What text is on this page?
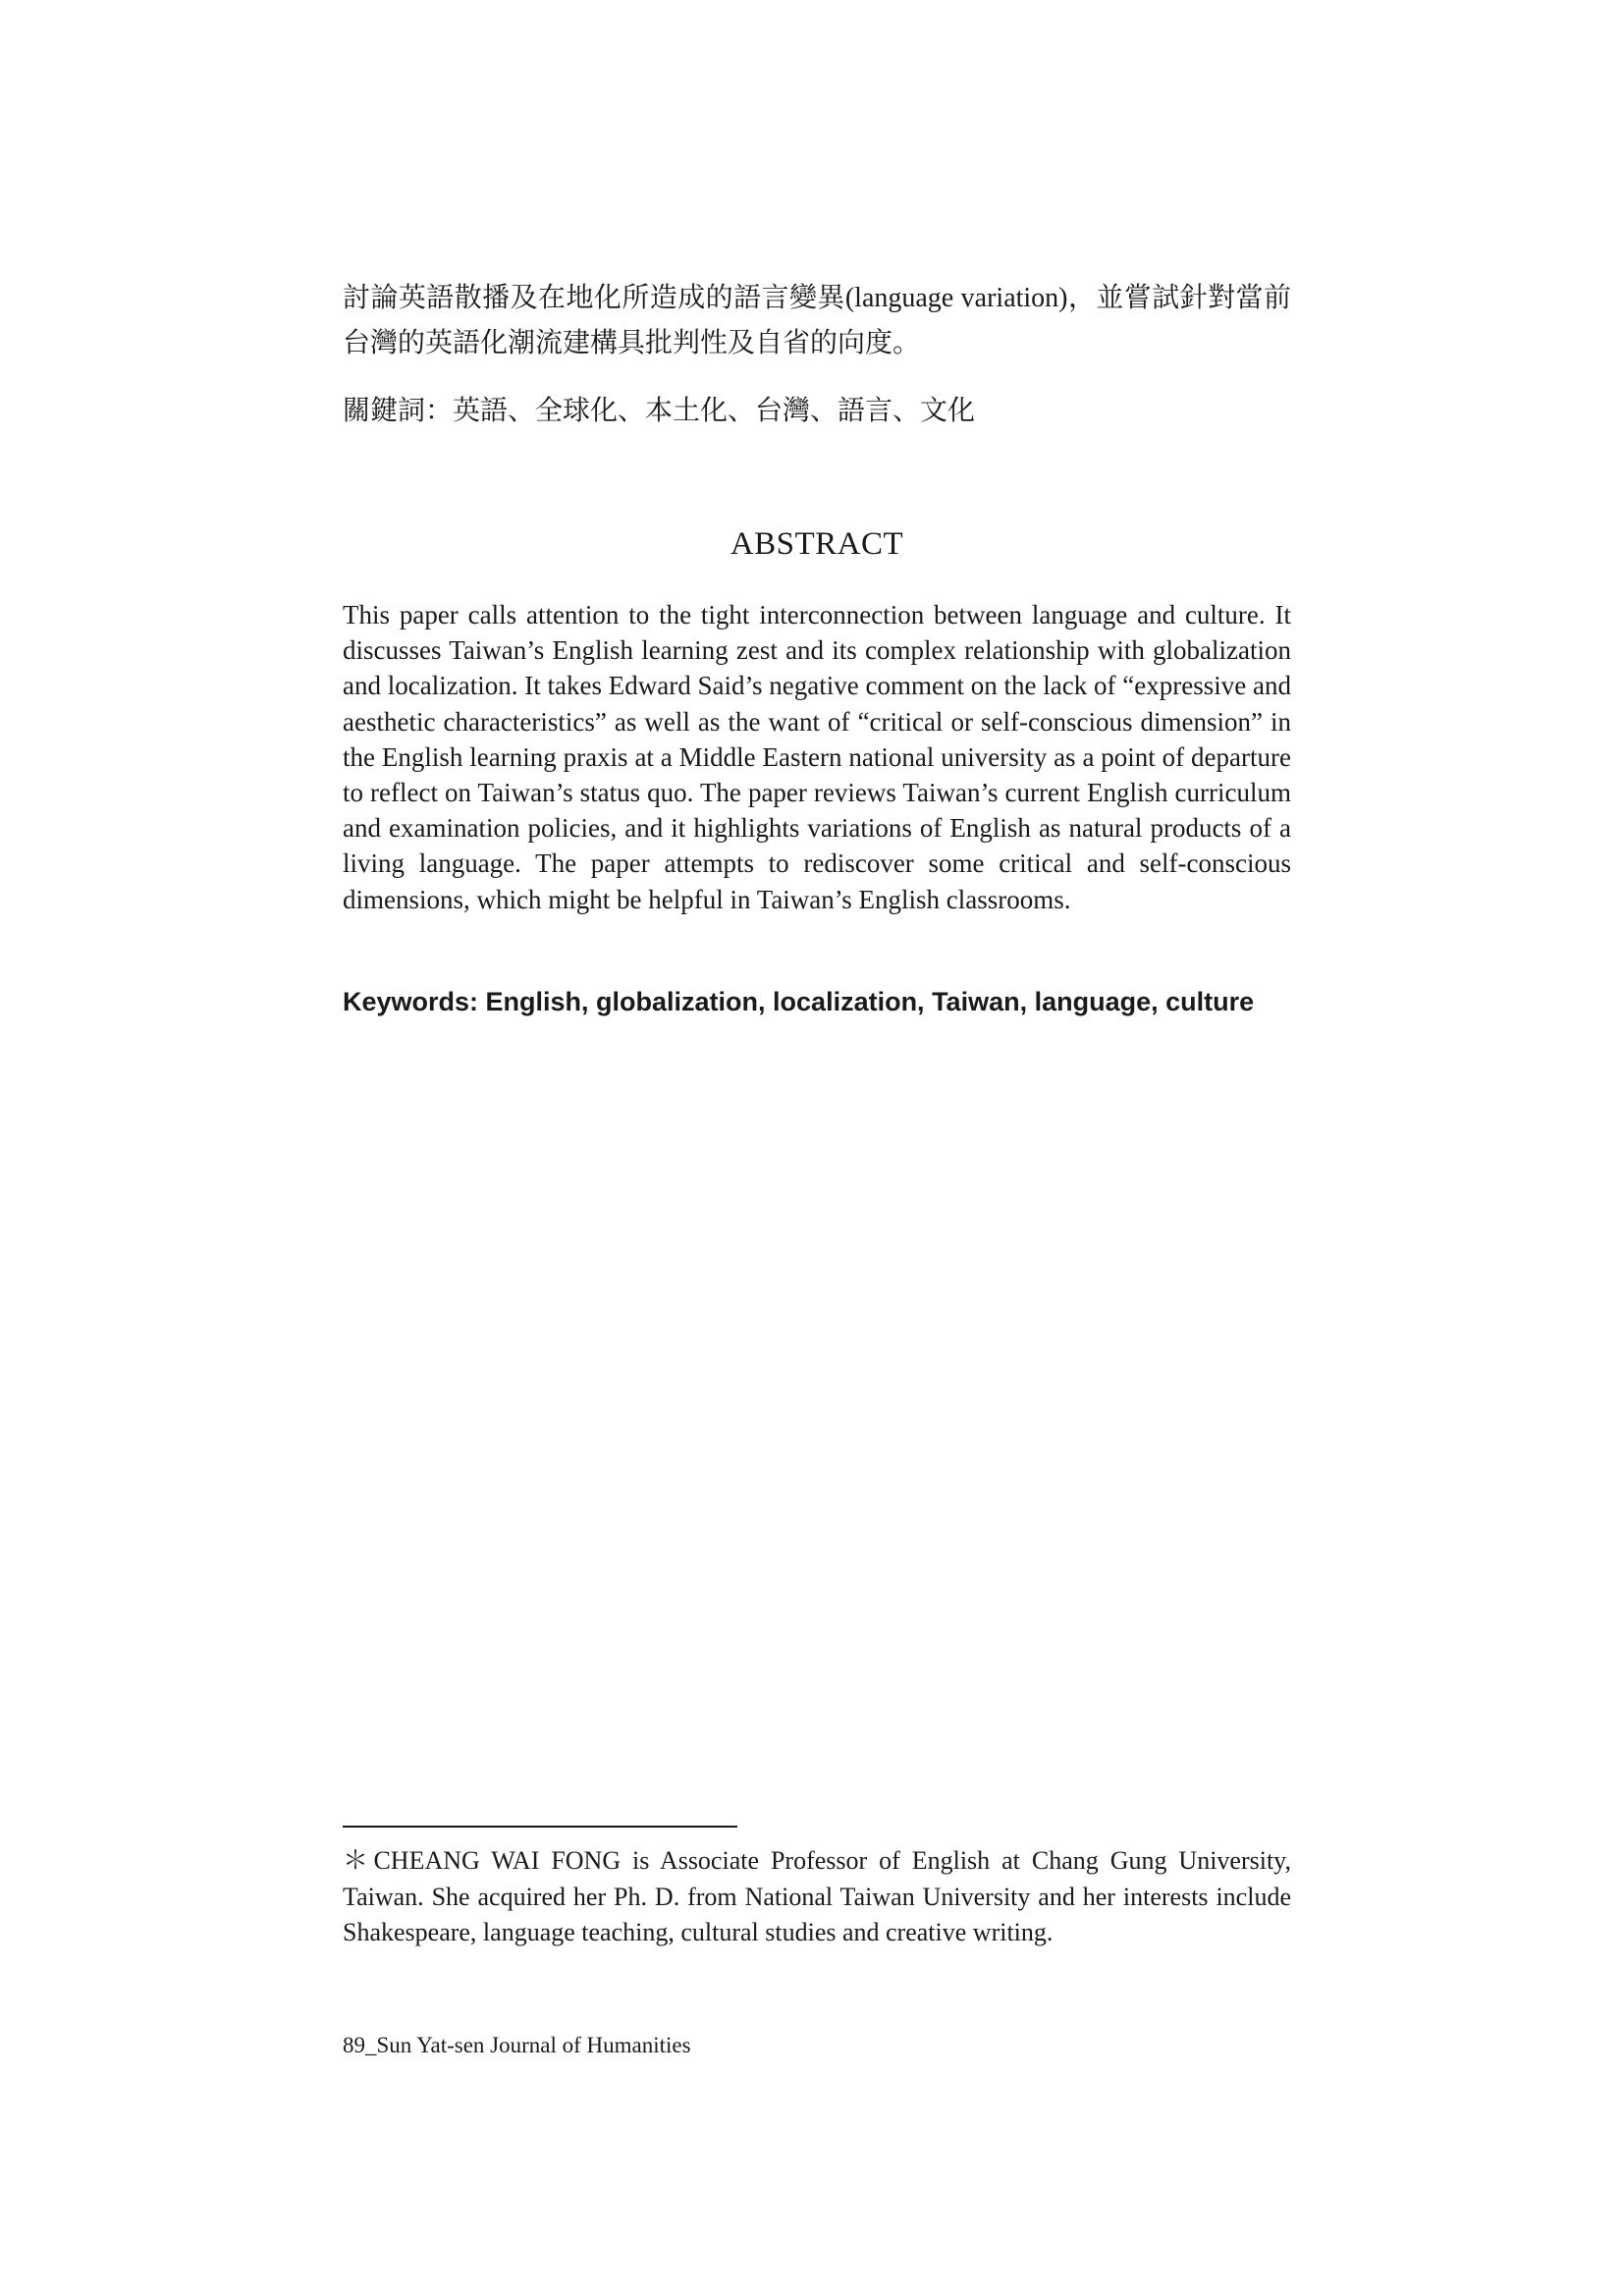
討論英語散播及在地化所造成的語言變異(language variation)，並嘗試針對當前台灣的英語化潮流建構具批判性及自省的向度。
關鍵詞：英語、全球化、本土化、台灣、語言、文化
ABSTRACT
This paper calls attention to the tight interconnection between language and culture. It discusses Taiwan’s English learning zest and its complex relationship with globalization and localization. It takes Edward Said’s negative comment on the lack of “expressive and aesthetic characteristics” as well as the want of “critical or self-conscious dimension” in the English learning praxis at a Middle Eastern national university as a point of departure to reflect on Taiwan’s status quo. The paper reviews Taiwan’s current English curriculum and examination policies, and it highlights variations of English as natural products of a living language. The paper attempts to rediscover some critical and self-conscious dimensions, which might be helpful in Taiwan’s English classrooms.
Keywords: English, globalization, localization, Taiwan, language, culture
＊CHEANG WAI FONG is Associate Professor of English at Chang Gung University, Taiwan. She acquired her Ph. D. from National Taiwan University and her interests include Shakespeare, language teaching, cultural studies and creative writing.
89_Sun Yat-sen Journal of Humanities
